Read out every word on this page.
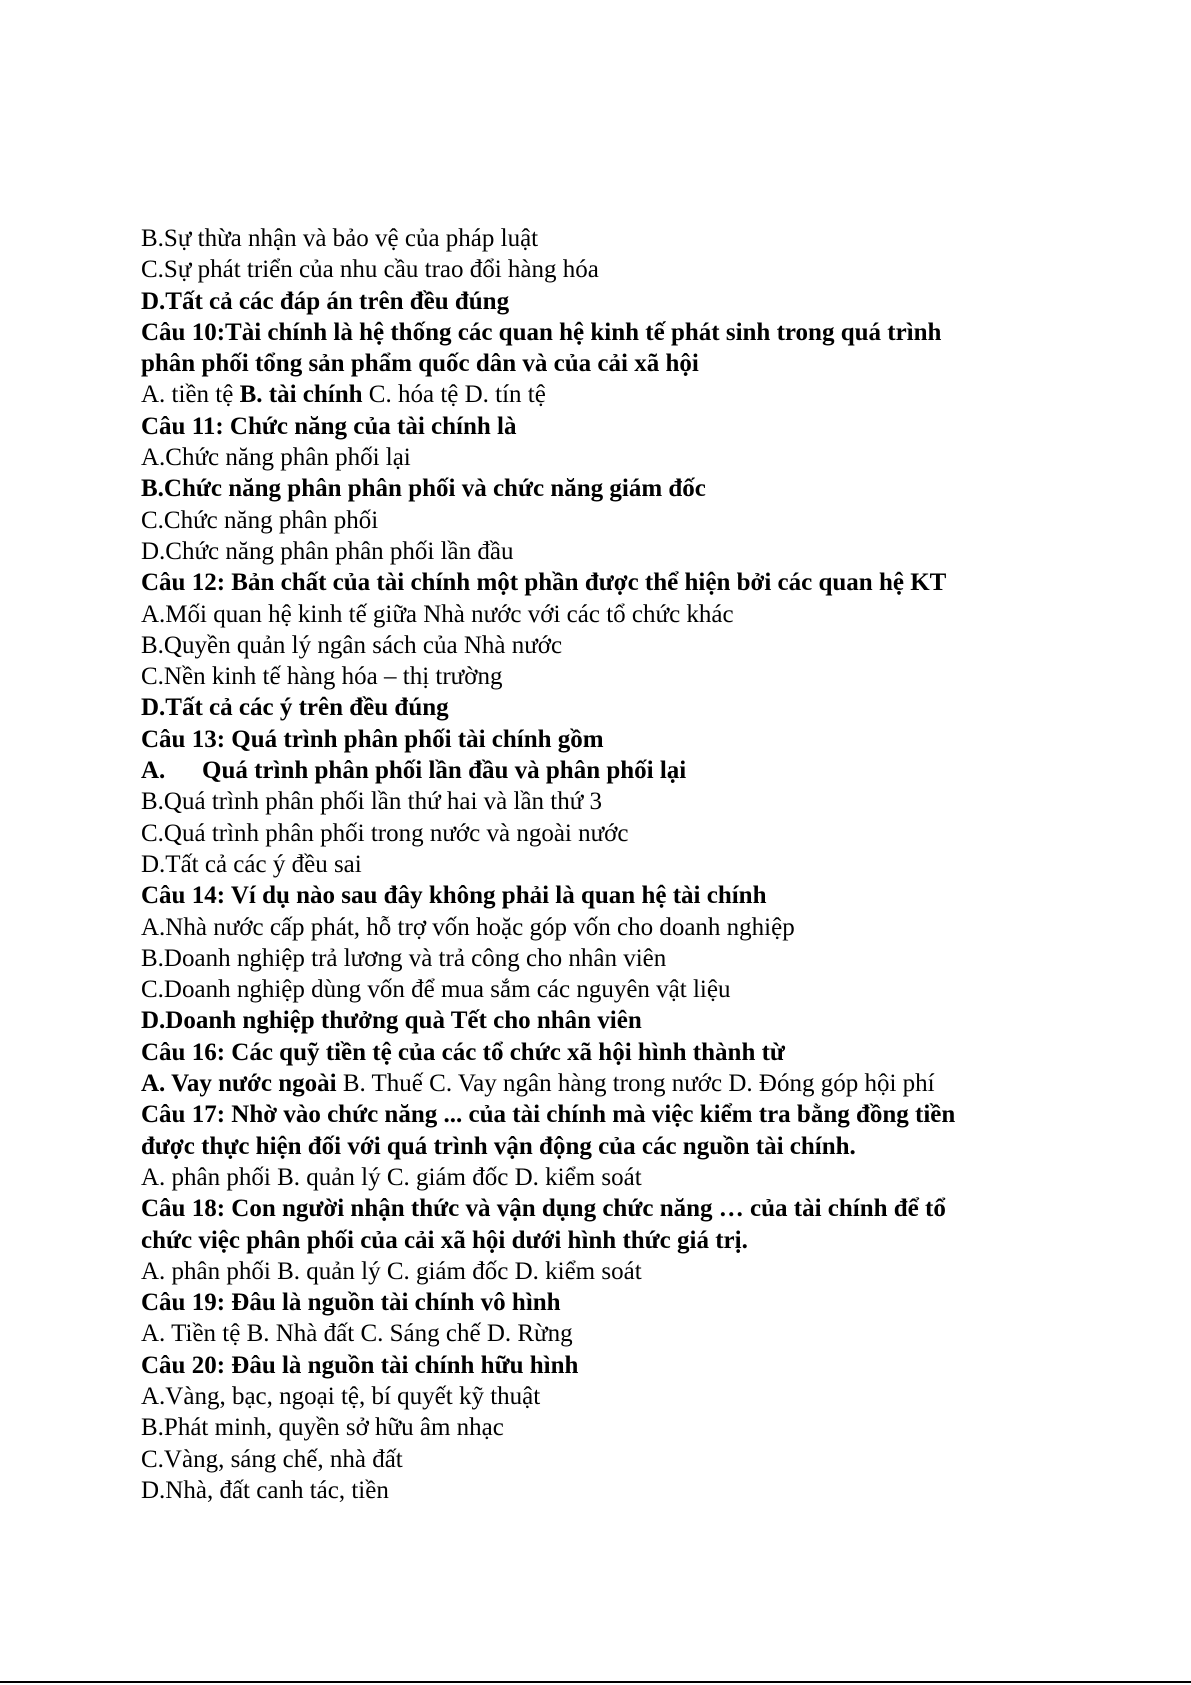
B.Sự thừa nhận và bảo vệ của pháp luật
C.Sự phát triển của nhu cầu trao đổi hàng hóa
D.Tất cả các đáp án trên đều đúng
Câu 10:Tài chính là hệ thống các quan hệ kinh tế phát sinh trong quá trình
phân phối tổng sản phẩm quốc dân và của cải xã hội
A. tiền tệ B. tài chính C. hóa tệ D. tín tệ
Câu 11: Chức năng của tài chính là
A.Chức năng phân phối lại
B.Chức năng phân phân phối và chức năng giám đốc
C.Chức năng phân phối
D.Chức năng phân phân phối lần đầu
Câu 12: Bản chất của tài chính một phần được thể hiện bởi các quan hệ KT
A.Mối quan hệ kinh tế giữa Nhà nước với các tổ chức khác
B.Quyền quản lý ngân sách của Nhà nước
C.Nền kinh tế hàng hóa – thị trường
D.Tất cả các ý trên đều đúng
Câu 13: Quá trình phân phối tài chính gồm
A. Quá trình phân phối lần đầu và phân phối lại
B.Quá trình phân phối lần thứ hai và lần thứ 3
C.Quá trình phân phối trong nước và ngoài nước
D.Tất cả các ý đều sai
Câu 14: Ví dụ nào sau đây không phải là quan hệ tài chính
A.Nhà nước cấp phát, hỗ trợ vốn hoặc góp vốn cho doanh nghiệp
B.Doanh nghiệp trả lương và trả công cho nhân viên
C.Doanh nghiệp dùng vốn để mua sắm các nguyên vật liệu
D.Doanh nghiệp thưởng quà Tết cho nhân viên
Câu 16: Các quỹ tiền tệ của các tổ chức xã hội hình thành từ
A. Vay nước ngoài B. Thuế C. Vay ngân hàng trong nước D. Đóng góp hội phí
Câu 17: Nhờ vào chức năng ... của tài chính mà việc kiểm tra bằng đồng tiền
được thực hiện đối với quá trình vận động của các nguồn tài chính.
A. phân phối B. quản lý C. giám đốc D. kiểm soát
Câu 18: Con người nhận thức và vận dụng chức năng … của tài chính để tổ
chức việc phân phối của cải xã hội dưới hình thức giá trị.
A. phân phối B. quản lý C. giám đốc D. kiểm soát
Câu 19: Đâu là nguồn tài chính vô hình
A. Tiền tệ B. Nhà đất C. Sáng chế D. Rừng
Câu 20: Đâu là nguồn tài chính hữu hình
A.Vàng, bạc, ngoại tệ, bí quyết kỹ thuật
B.Phát minh, quyền sở hữu âm nhạc
C.Vàng, sáng chế, nhà đất
D.Nhà, đất canh tác, tiền
